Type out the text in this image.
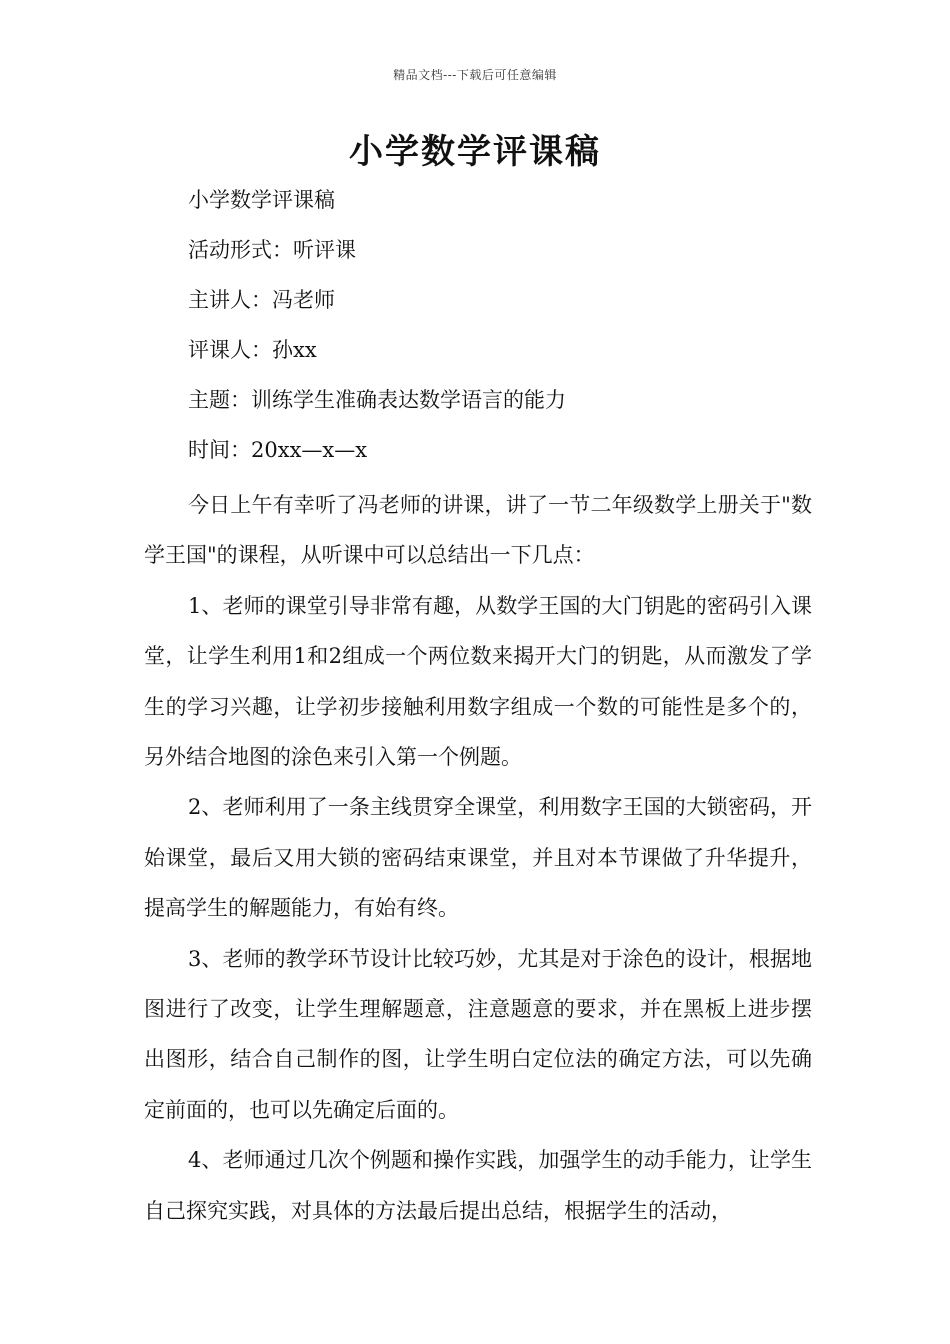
精品文档---下载后可任意编辑
小学数学评课稿
小学数学评课稿
活动形式：听评课
主讲人：冯老师
评课人：孙xx
主题：训练学生准确表达数学语言的能力
时间：20xx—x—x

今日上午有幸听了冯老师的讲课，讲了一节二年级数学上册关于"数学王国"的课程，从听课中可以总结出一下几点：

1、老师的课堂引导非常有趣，从数学王国的大门钥匙的密码引入课堂，让学生利用1和2组成一个两位数来揭开大门的钥匙，从而激发了学生的学习兴趣，让学初步接触利用数字组成一个数的可能性是多个的，另外结合地图的涂色来引入第一个例题。

2、老师利用了一条主线贯穿全课堂，利用数字王国的大锁密码，开始课堂，最后又用大锁的密码结束课堂，并且对本节课做了升华提升，提高学生的解题能力，有始有终。

3、老师的教学环节设计比较巧妙，尤其是对于涂色的设计，根据地图进行了改变，让学生理解题意，注意题意的要求，并在黑板上进步摆出图形，结合自己制作的图，让学生明白定位法的确定方法，可以先确定前面的，也可以先确定后面的。

4、老师通过几次个例题和操作实践，加强学生的动手能力，让学生自己探究实践，对具体的方法最后提出总结，根据学生的活动，
